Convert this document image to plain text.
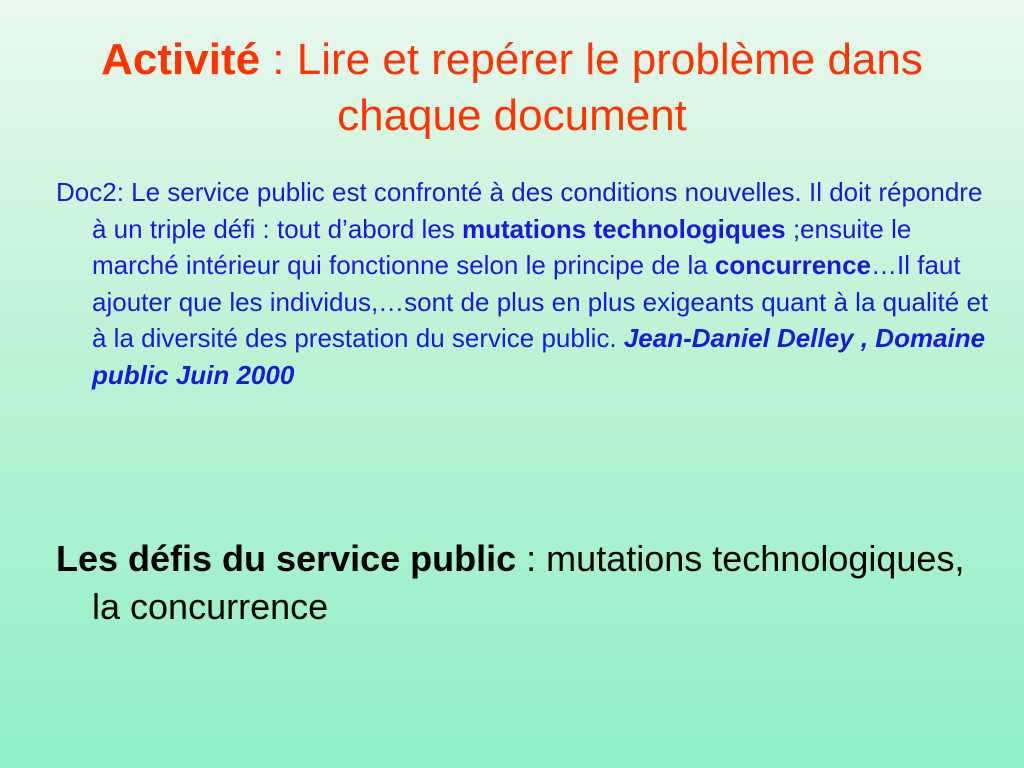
Activité : Lire et repérer le problème dans chaque document
Doc2: Le service public est confronté à des conditions nouvelles. Il doit répondre à un triple défi : tout d’abord les mutations technologiques ;ensuite le marché intérieur qui fonctionne selon le principe de la concurrence…Il faut ajouter que les individus,…sont de plus en plus exigeants quant à la qualité et à la diversité des prestation du service public. Jean-Daniel Delley , Domaine public Juin 2000
Les défis du service public : mutations technologiques, la concurrence
